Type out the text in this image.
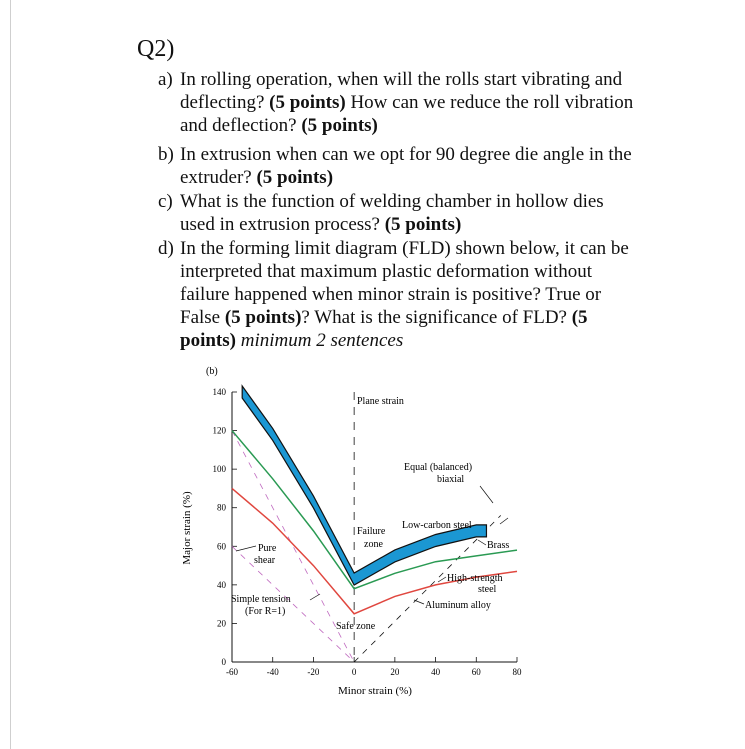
Q2)
a) In rolling operation, when will the rolls start vibrating and
deflecting? (5 points) How can we reduce the roll vibration
and deflection? (5 points)
b) In extrusion when can we opt for 90 degree die angle in the
extruder? (5 points)
c) What is the function of welding chamber in hollow dies
used in extrusion process? (5 points)
d) In the forming limit diagram (FLD) shown below, it can be
interpreted that maximum plastic deformation without
failure happened when minor strain is positive? True or
False (5 points)? What is the significance of FLD? (5
points) minimum 2 sentences
(b)
Major strain (%)
Minor strain (%)
-60	-40	-20	0	20	40	60	80
0
20
40
60
80
100
120
140
Plane strain
Equal (balanced)
biaxial
Low-carbon steel
Brass
Failure
zone
High-strength
steel
Aluminum alloy
Pure
shear
Simple tension
(For R=1)
Safe zone
